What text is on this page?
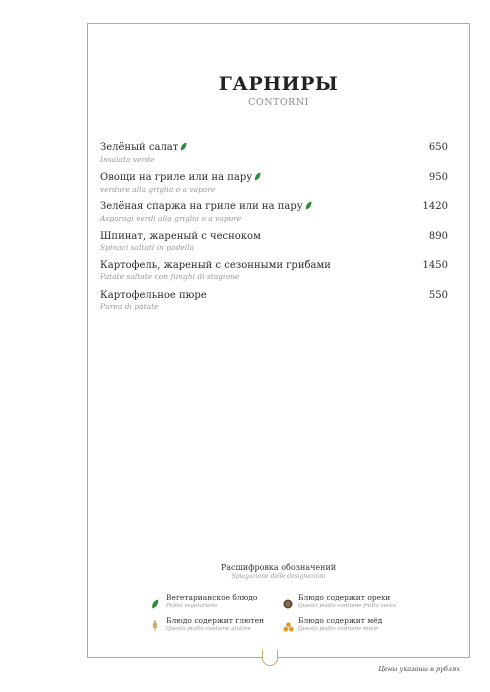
ГАРНИРЫ
CONTORNI
Зелёный салат
Insalata verde
650
Овощи на гриле или на пару
verdure alla griglia o a vapore
950
Зелёная спаржа на гриле или на пару
Asparagi verdi alla griglia o a vapore
1420
Шпинат, жареный с чесноком
Spinaci saltati in padella
890
Картофель, жареный с сезонными грибами
Patate saltate con funghi di stagione
1450
Картофельное пюре
Purea di patate
550
Расшифровка обозначений
Spiegazione delle designazioni
Вегетарианское блюдо
Piatto vegetariano
Блюдо содержит глютен
Questo piatto contiene glutine
Блюдо содержит орехи
Questo piatto contiene frutta secca
Блюдо содержит мёд
Questo piatto contiene miele
Цены указаны в рублях
